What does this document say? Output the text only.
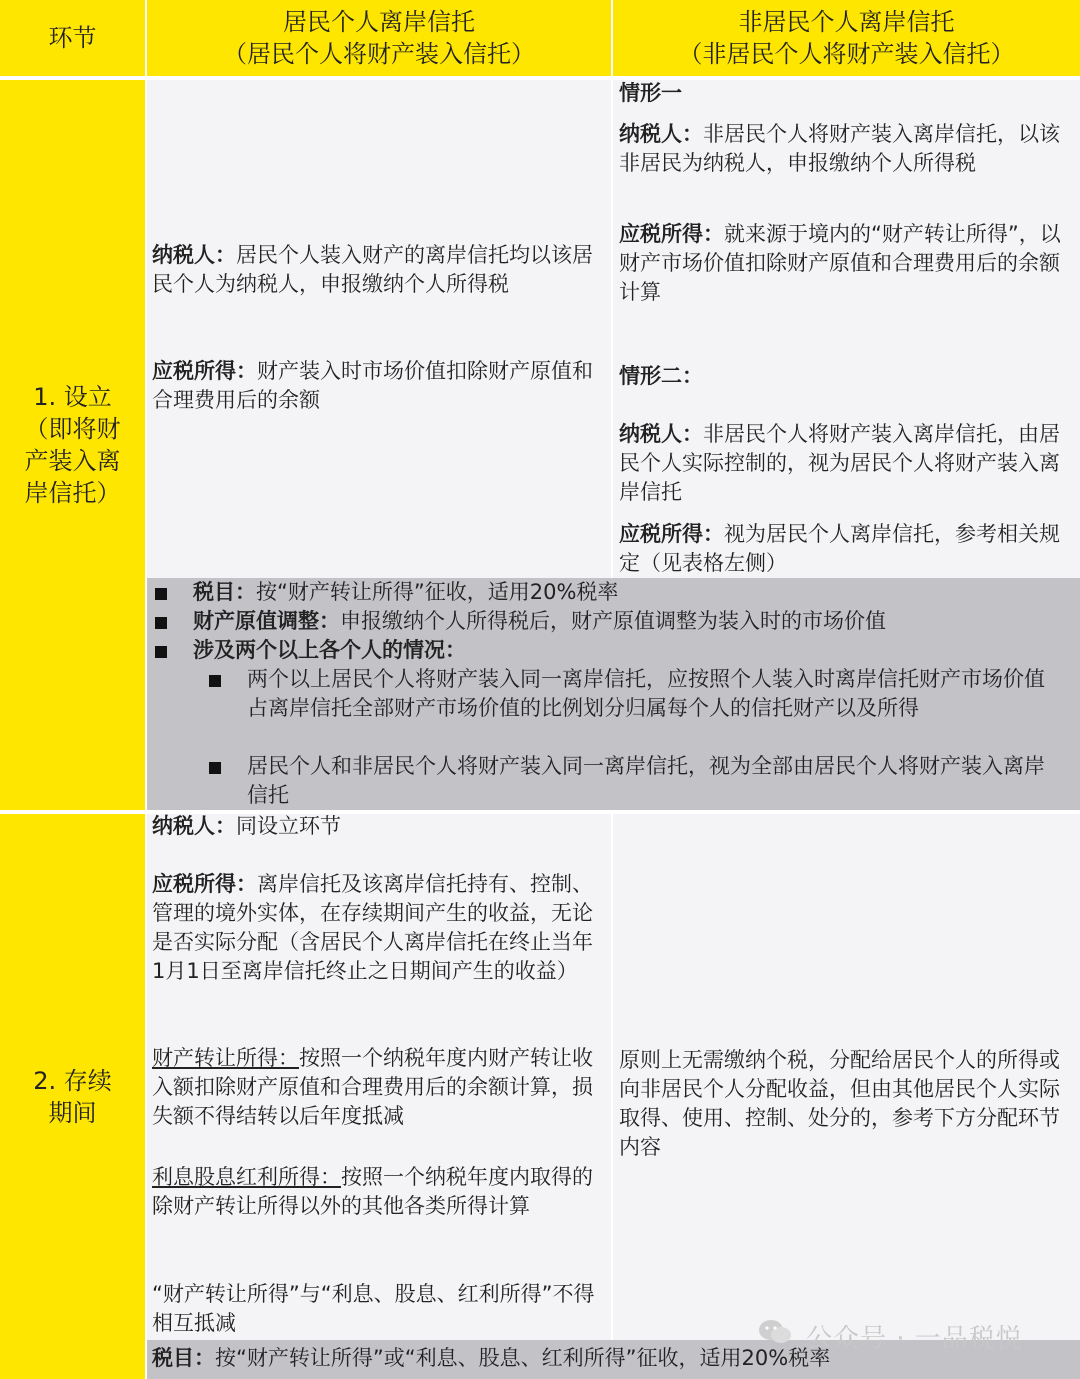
环节
居民个人离岸信托
（居民个人将财产装入信托）
非居民个人离岸信托
（非居民个人将财产装入信托）
1. 设立
（即将财
产装入离
岸信托）

纳税人：居民个人装入财产的离岸信托均以该居民个人为纳税人，申报缴纳个人所得税

应税所得：财产装入时市场价值扣除财产原值和合理费用后的余额

情形一

纳税人：非居民个人将财产装入离岸信托，以该非居民为纳税人，申报缴纳个人所得税

应税所得：就来源于境内的“财产转让所得”，以财产市场价值扣除财产原值和合理费用后的余额计算

情形二：

纳税人：非居民个人将财产装入离岸信托，由居民个人实际控制的，视为居民个人将财产装入离岸信托

应税所得：视为居民个人离岸信托，参考相关规定（见表格左侧）

税目：按“财产转让所得”征收，适用20%税率
财产原值调整：申报缴纳个人所得税后，财产原值调整为装入时的市场价值
涉及两个以上各个人的情况：
两个以上居民个人将财产装入同一离岸信托，应按照个人装入时离岸信托财产市场价值占离岸信托全部财产市场价值的比例划分归属每个人的信托财产以及所得
居民个人和非居民个人将财产装入同一离岸信托，视为全部由居民个人将财产装入离岸信托
2. 存续
期间

纳税人：同设立环节

应税所得：离岸信托及该离岸信托持有、控制、管理的境外实体，在存续期间产生的收益，无论是否实际分配（含居民个人离岸信托在终止当年1月1日至离岸信托终止之日期间产生的收益）

财产转让所得：按照一个纳税年度内财产转让收入额扣除财产原值和合理费用后的余额计算，损失额不得结转以后年度抵减

利息股息红利所得：按照一个纳税年度内取得的除财产转让所得以外的其他各类所得计算

“财产转让所得”与“利息、股息、红利所得”不得相互抵减

原则上无需缴纳个税，分配给居民个人的所得或向非居民个人分配收益，但由其他居民个人实际取得、使用、控制、处分的，参考下方分配环节内容

税目：按“财产转让所得”或“利息、股息、红利所得”征收，适用20%税率
公众号 · 一品税悦
